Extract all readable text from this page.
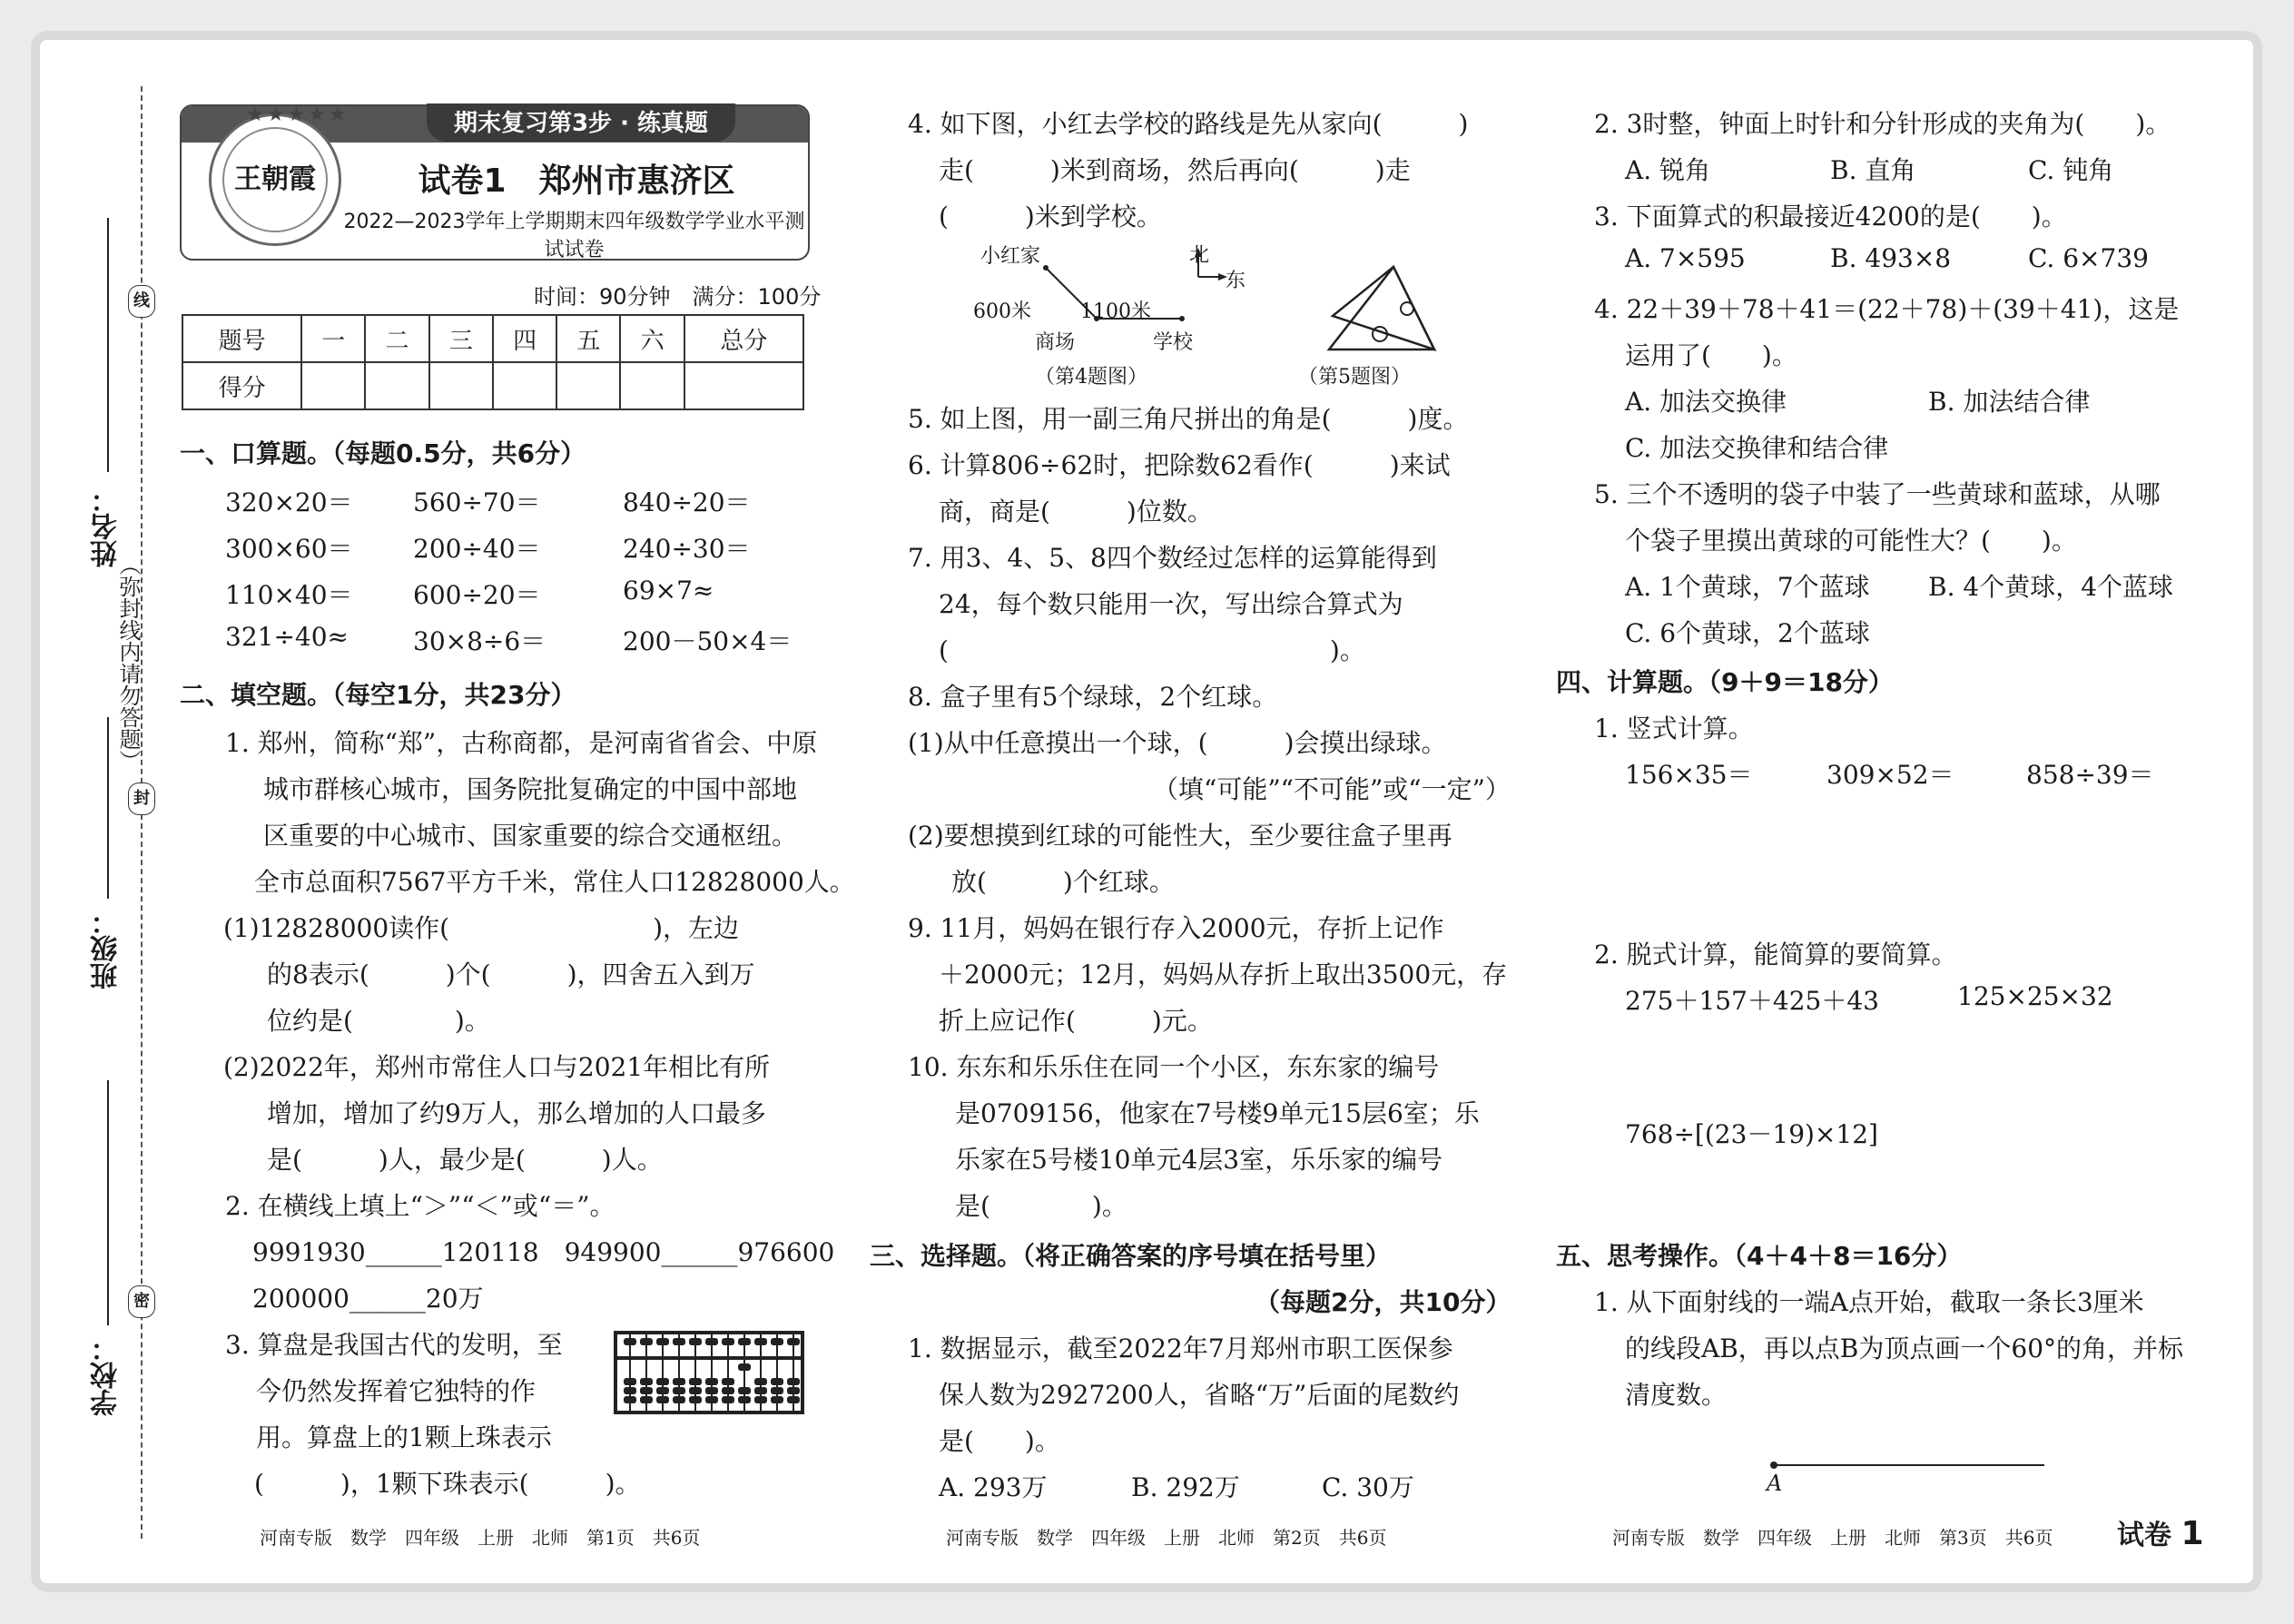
姓名：
班级：
学校：
线
封
密
（弥封线内请勿答题）
期末复习第3步 · 练真题
★★★★★
王朝霞	试卷1　郑州市惠济区
2022—2023学年上学期期末四年级数学学业水平测试试卷
时间：90分钟　满分：100分
题号	一	二	三	四	五	六	总分
得分							
一、口算题。（每题0.5分，共6分）
320×20＝ 560÷70＝	840÷20＝
300×60＝ 200÷40＝	240÷30＝
110×40＝ 600÷20＝	69×7≈
321÷40≈	30×8÷6＝	200－50×4＝
二、填空题。（每空1分，共23分）
1. 郑州，简称“郑”，古称商都，是河南省省会、中原
城市群核心城市，国务院批复确定的中国中部地
区重要的中心城市、国家重要的综合交通枢纽。
全市总面积7567平方千米，常住人口12828000人。
(1)12828000读作(　　　　　　　　)，左边
的8表示(　　　)个(　　　)，四舍五入到万
位约是(　　　　)。
(2)2022年，郑州市常住人口与2021年相比有所
增加，增加了约9万人，那么增加的人口最多
是(　　　)人，最少是(　　　)人。
2. 在横线上填上“＞”“＜”或“＝”。
9991930______120118　949900______976600
200000______20万
3. 算盘是我国古代的发明，至
今仍然发挥着它独特的作
用。算盘上的1颗上珠表示
(　　　)，1颗下珠表示(　　　)。
4. 如下图，小红去学校的路线是先从家向(　　　)
走(　　　)米到商场，然后再向(　　　)走
(　　　)米到学校。
小红家	北
东
600米 1100米
商场	学校
（第4题图）	（第5题图）
5. 如上图，用一副三角尺拼出的角是(　　　)度。
6. 计算806÷62时，把除数62看作(　　　)来试
商，商是(　　　)位数。
7. 用3、4、5、8四个数经过怎样的运算能得到
24，每个数只能用一次，写出综合算式为
(　　　　　　　　　　　　　　　)。
8. 盒子里有5个绿球，2个红球。
(1)从中任意摸出一个球，(　　　)会摸出绿球。
（填“可能”“不可能”或“一定”）
(2)要想摸到红球的可能性大，至少要往盒子里再
放(　　　)个红球。
9. 11月，妈妈在银行存入2000元，存折上记作
＋2000元；12月，妈妈从存折上取出3500元，存
折上应记作(　　　)元。
10. 东东和乐乐住在同一个小区，东东家的编号
是0709156，他家在7号楼9单元15层6室；乐
乐家在5号楼10单元4层3室，乐乐家的编号
是(　　　　)。
三、选择题。（将正确答案的序号填在括号里）
（每题2分，共10分）
1. 数据显示，截至2022年7月郑州市职工医保参
保人数为2927200人，省略“万”后面的尾数约
是(　　)。
A. 293万	B. 292万	C. 30万
2. 3时整，钟面上时针和分针形成的夹角为(　　)。
A. 锐角	B. 直角	C. 钝角
3. 下面算式的积最接近4200的是(　　)。
A. 7×595	B. 493×8	C. 6×739
4. 22＋39＋78＋41＝(22＋78)＋(39＋41)，这是
运用了(　　)。
A. 加法交换律	B. 加法结合律
C. 加法交换律和结合律
5. 三个不透明的袋子中装了一些黄球和蓝球，从哪
个袋子里摸出黄球的可能性大？(　　)。
A. 1个黄球，7个蓝球 B. 4个黄球，4个蓝球
C. 6个黄球，2个蓝球
四、计算题。（9＋9＝18分）
1. 竖式计算。
156×35＝	309×52＝	858÷39＝
2. 脱式计算，能简算的要简算。
275＋157＋425＋43	125×25×32
768÷[(23－19)×12]
五、思考操作。（4＋4＋8＝16分）
1. 从下面射线的一端A点开始，截取一条长3厘米
的线段AB，再以点B为顶点画一个60°的角，并标
清度数。
A
河南专版　数学　四年级　上册　北师　第1页　共6页	河南专版　数学　四年级　上册　北师　第2页　共6页	河南专版　数学　四年级　上册　北师　第3页　共6页 试卷 1
